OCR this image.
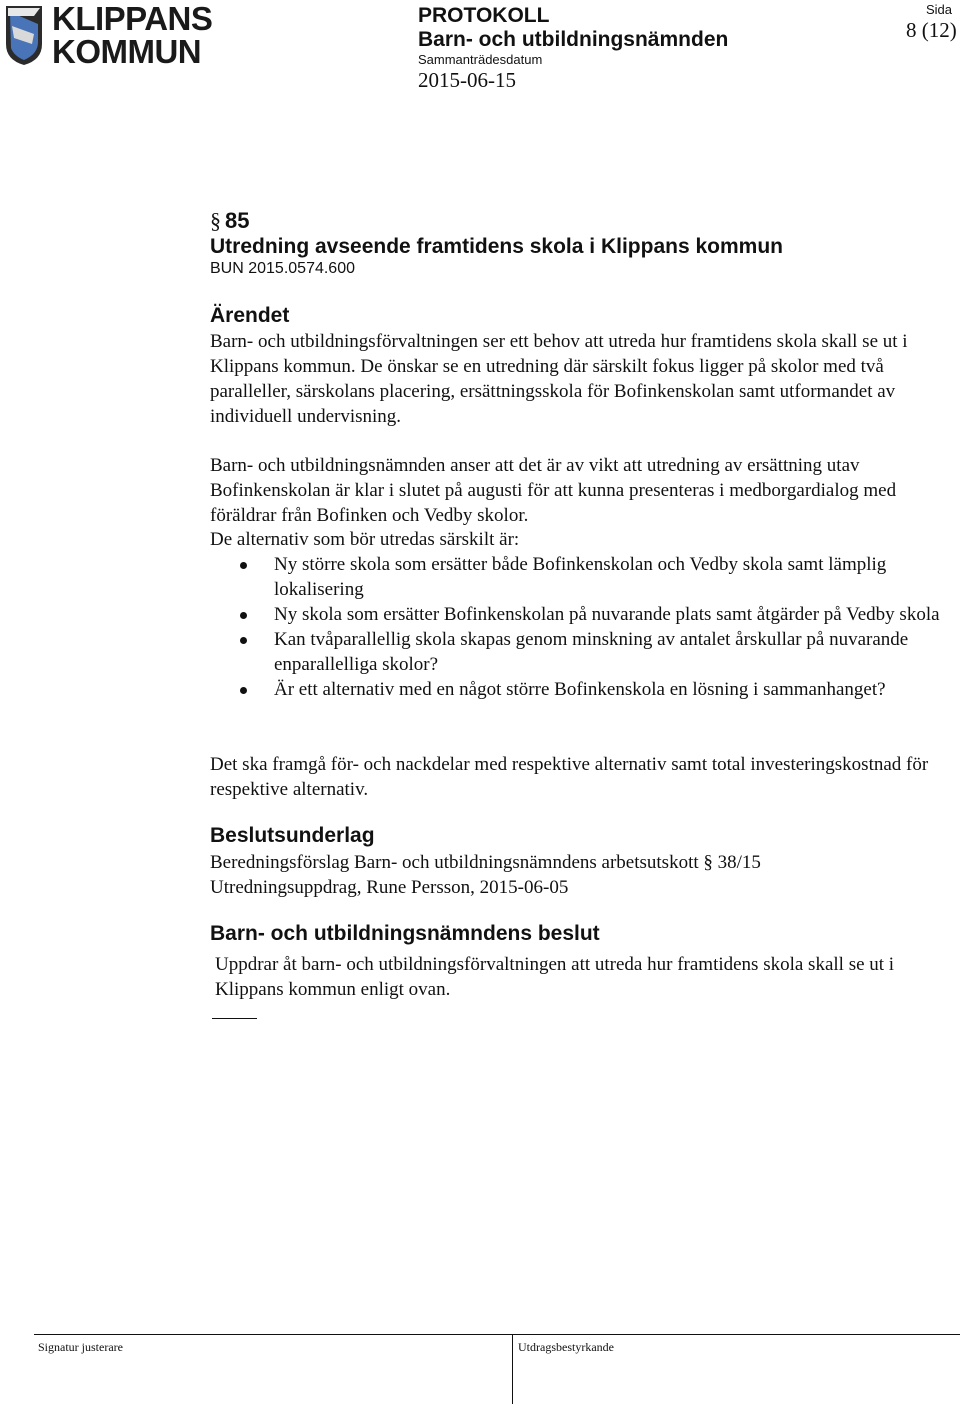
KLIPPANS
KOMMUN
PROTOKOLL
Barn- och utbildningsnämnden
Sammanträdesdatum
2015-06-15
Sida
8 (12)
§ 85
Utredning avseende framtidens skola i Klippans kommun
BUN 2015.0574.600
Ärendet
Barn- och utbildningsförvaltningen ser ett behov att utreda hur framtidens skola skall se ut i Klippans kommun. De önskar se en utredning där särskilt fokus ligger på skolor med två paralleller, särskolans placering, ersättningsskola för Bofinkenskolan samt utformandet av individuell undervisning.
Barn- och utbildningsnämnden anser att det är av vikt att utredning av ersättning utav Bofinkenskolan är klar i slutet på augusti för att kunna presenteras i medborgardialog med föräldrar från Bofinken och Vedby skolor.
De alternativ som bör utredas särskilt är:
Ny större skola som ersätter både Bofinkenskolan och Vedby skola samt lämplig lokalisering
Ny skola som ersätter Bofinkenskolan på nuvarande plats samt åtgärder på Vedby skola
Kan tvåparallellig skola skapas genom minskning av antalet årskullar på nuvarande enparallelliga skolor?
Är ett alternativ med en något större Bofinkenskola en lösning i sammanhanget?
Det ska framgå för- och nackdelar med respektive alternativ samt total investeringskostnad för respektive alternativ.
Beslutsunderlag
Beredningsförslag Barn- och utbildningsnämndens arbetsutskott § 38/15
Utredningsuppdrag, Rune Persson, 2015-06-05
Barn- och utbildningsnämndens beslut
Uppdrar åt barn- och utbildningsförvaltningen att utreda hur framtidens skola skall se ut i Klippans kommun enligt ovan.
Signatur justerare	Utdragsbestyrkande
